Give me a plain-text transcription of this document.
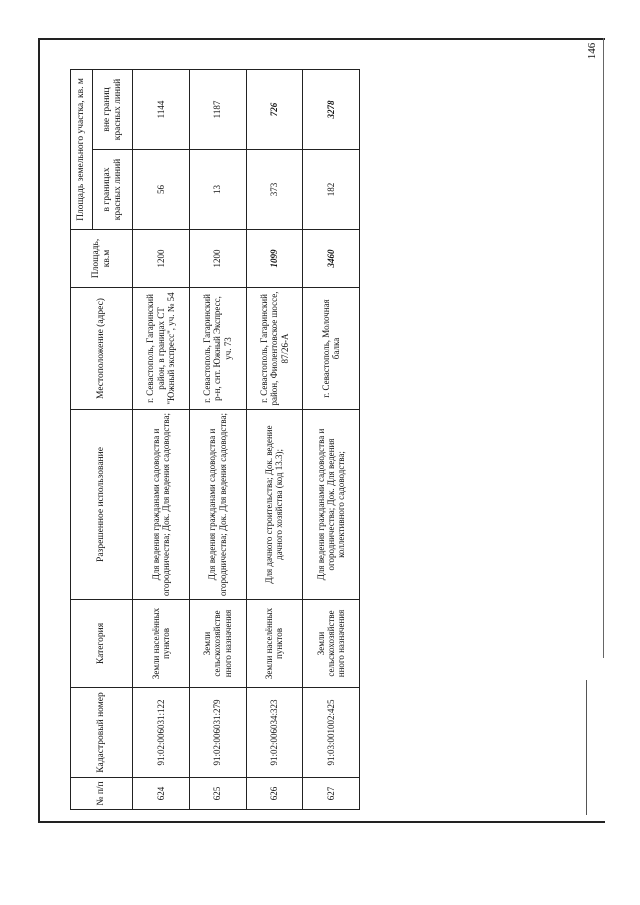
146
№ п/п	Кадастровый номер	Категория	Разрешенное использование	Местоположение (адрес)	Площадь, кв.м	Площадь земельного участка, кв. м	
						в границах красных линий	вне границ красных линий
624	91:02:006031:122	Земли населённых пунктов	Для ведения гражданами садоводства и огородничества; Док. Для ведения садоводства;	г. Севастополь, Гагаринский район, в границах СТ "Южный экспресс", уч. № 54	1200	56	1144
625	91:02:006031:279	Земли сельскохозяйстве нного назначения	Для ведения гражданами садоводства и огородничества; Док. Для ведения садоводства;	г. Севастополь, Гагаринский р-н, снт. Южный Экспресс, уч. 73	1200	13	1187
626	91:02:006034:323	Земли населённых пунктов	Для дачного строительства; Док. ведение дачного хозяйства (код 13.3);	г. Севастополь, Гагаринский район, Фиолентовское шоссе, 87/26-А	1099	373	726
627	91:03:001002:425	Земли сельскохозяйстве нного назначения	Для ведения гражданами садоводства и огородничества; Док. Для ведения коллективного садоводства;	г. Севастополь, Молочная балка	3460	182	3278
